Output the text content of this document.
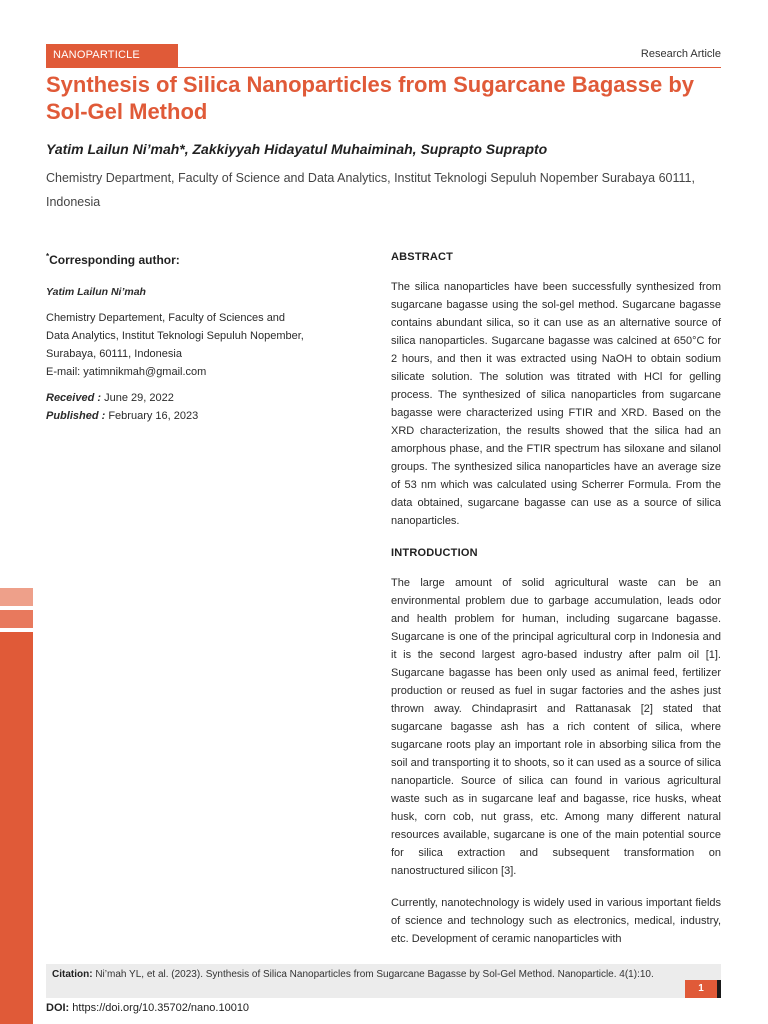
NANOPARTICLE	Research Article
Synthesis of Silica Nanoparticles from Sugarcane Bagasse by Sol-Gel Method
Yatim Lailun Ni’mah*, Zakkiyyah Hidayatul Muhaiminah, Suprapto Suprapto
Chemistry Department, Faculty of Science and Data Analytics, Institut Teknologi Sepuluh Nopember Surabaya 60111, Indonesia
*Corresponding author:
Yatim Lailun Ni’mah
Chemistry Departement, Faculty of Sciences and
Data Analytics, Institut Teknologi Sepuluh Nopember,
Surabaya, 60111, Indonesia
E-mail: yatimnikmah@gmail.com
Received : June 29, 2022
Published : February 16, 2023
ABSTRACT

The silica nanoparticles have been successfully synthesized from sugarcane bagasse using the sol-gel method. Sugarcane bagasse contains abundant silica, so it can use as an alternative source of silica nanoparticles. Sugarcane bagasse was calcined at 650°C for 2 hours, and then it was extracted using NaOH to obtain sodium silicate solution. The solution was titrated with HCl for gelling process. The synthesized of silica nanoparticles from sugarcane bagasse were characterized using FTIR and XRD. Based on the XRD characterization, the results showed that the silica had an amorphous phase, and the FTIR spectrum has siloxane and silanol groups. The synthesized silica nanoparticles have an average size of 53 nm which was calculated using Scherrer Formula. From the data obtained, sugarcane bagasse can use as a source of silica nanoparticles.

INTRODUCTION

The large amount of solid agricultural waste can be an environmental problem due to garbage accumulation, leads odor and health problem for human, including sugarcane bagasse. Sugarcane is one of the principal agricultural corp in Indonesia and it is the second largest agro-based industry after palm oil [1]. Sugarcane bagasse has been only used as animal feed, fertilizer production or reused as fuel in sugar factories and the ashes just thrown away. Chindaprasirt and Rattanasak [2] stated that sugarcane bagasse ash has a rich content of silica, where sugarcane roots play an important role in absorbing silica from the soil and transporting it to shoots, so it can used as a source of silica nanoparticle. Source of silica can found in various agricultural waste such as in sugarcane leaf and bagasse, rice husks, wheat husk, corn cob, nut grass, etc. Among many different natural resources available, sugarcane is one of the main potential source for silica extraction and subsequent transformation on nanostructured silicon [3].

Currently, nanotechnology is widely used in various important fields of science and technology such as electronics, medical, industry, etc. Development of ceramic nanoparticles with

Citation: Ni’mah YL, et al. (2023). Synthesis of Silica Nanoparticles from Sugarcane Bagasse by Sol-Gel Method. Nanoparticle. 4(1):10.
1
DOI: https://doi.org/10.35702/nano.10010
